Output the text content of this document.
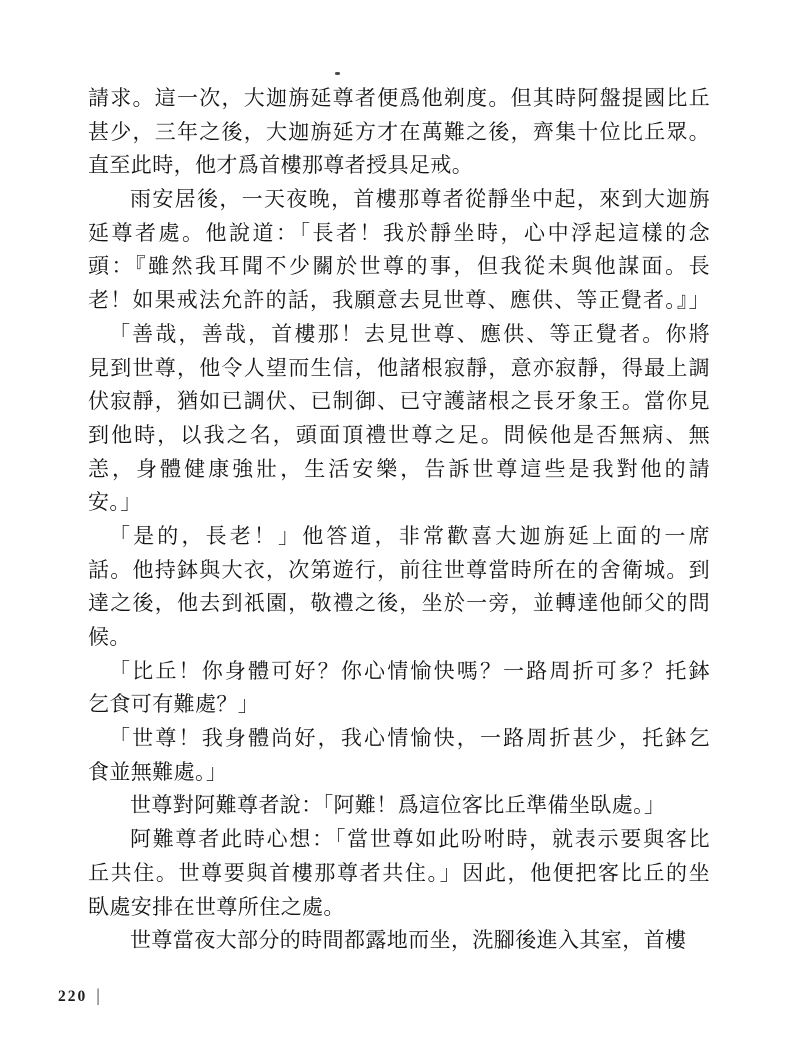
請求。這一次，大迦旃延尊者便爲他剃度。但其時阿盤提國比丘

甚少，三年之後，大迦旃延方才在萬難之後，齊集十位比丘眾。

直至此時，他才爲首樓那尊者授具足戒。

雨安居後，一天夜晚，首樓那尊者從靜坐中起，來到大迦旃

延尊者處。他說道：「長者！我於靜坐時，心中浮起這樣的念

頭：『雖然我耳聞不少關於世尊的事，但我從未與他謀面。長

老！如果戒法允許的話，我願意去見世尊、應供、等正覺者。』」

「善哉，善哉，首樓那！去見世尊、應供、等正覺者。你將

見到世尊，他令人望而生信，他諸根寂靜，意亦寂靜，得最上調

伏寂靜，猶如已調伏、已制御、已守護諸根之長牙象王。當你見

到他時，以我之名，頭面頂禮世尊之足。問候他是否無病、無

恙，身體健康強壯，生活安樂，告訴世尊這些是我對他的請

安。」

「是的，長老！」他答道，非常歡喜大迦旃延上面的一席

話。他持鉢與大衣，次第遊行，前往世尊當時所在的舍衛城。到

達之後，他去到祇園，敬禮之後，坐於一旁，並轉達他師父的問

候。

「比丘！你身體可好？你心情愉快嗎？一路周折可多？托鉢

乞食可有難處？」

「世尊！我身體尚好，我心情愉快，一路周折甚少，托鉢乞

食並無難處。」

世尊對阿難尊者說：「阿難！爲這位客比丘準備坐臥處。」

阿難尊者此時心想：「當世尊如此吩咐時，就表示要與客比

丘共住。世尊要與首樓那尊者共住。」因此，他便把客比丘的坐

臥處安排在世尊所住之處。

世尊當夜大部分的時間都露地而坐，洗腳後進入其室，首樓

220 |
